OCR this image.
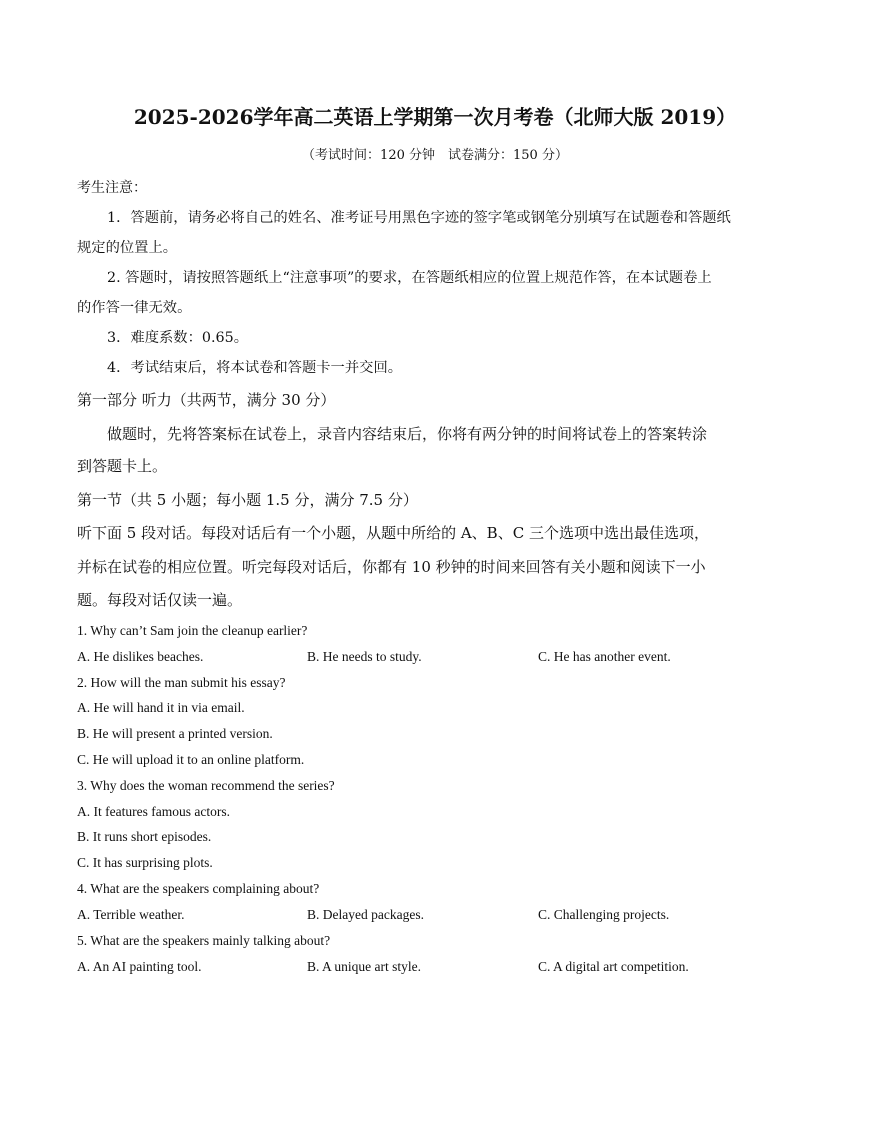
2025-2026学年高二英语上学期第一次月考卷（北师大版 2019）
（考试时间：120 分钟　试卷满分：150 分）
考生注意：
1．答题前，请务必将自己的姓名、准考证号用黑色字迹的签字笔或钢笔分别填写在试题卷和答题纸
规定的位置上。
2. 答题时，请按照答题纸上“注意事项”的要求，在答题纸相应的位置上规范作答，在本试题卷上
的作答一律无效。
3．难度系数：0.65。
4．考试结束后，将本试卷和答题卡一并交回。
第一部分 听力（共两节，满分 30 分）
做题时，先将答案标在试卷上，录音内容结束后，你将有两分钟的时间将试卷上的答案转涂
到答题卡上。
第一节（共 5 小题；每小题 1.5 分，满分 7.5 分）
听下面 5 段对话。每段对话后有一个小题，从题中所给的 A、B、C 三个选项中选出最佳选项，
并标在试卷的相应位置。听完每段对话后，你都有 10 秒钟的时间来回答有关小题和阅读下一小
题。每段对话仅读一遍。
1. Why can’t Sam join the cleanup earlier?
A. He dislikes beaches.	B. He needs to study.	C. He has another event.
2. How will the man submit his essay?
A. He will hand it in via email.
B. He will present a printed version.
C. He will upload it to an online platform.
3. Why does the woman recommend the series?
A. It features famous actors.
B. It runs short episodes.
C. It has surprising plots.
4. What are the speakers complaining about?
A. Terrible weather.	B. Delayed packages.	C. Challenging projects.
5. What are the speakers mainly talking about?
A. An AI painting tool.	B. A unique art style.	C. A digital art competition.
